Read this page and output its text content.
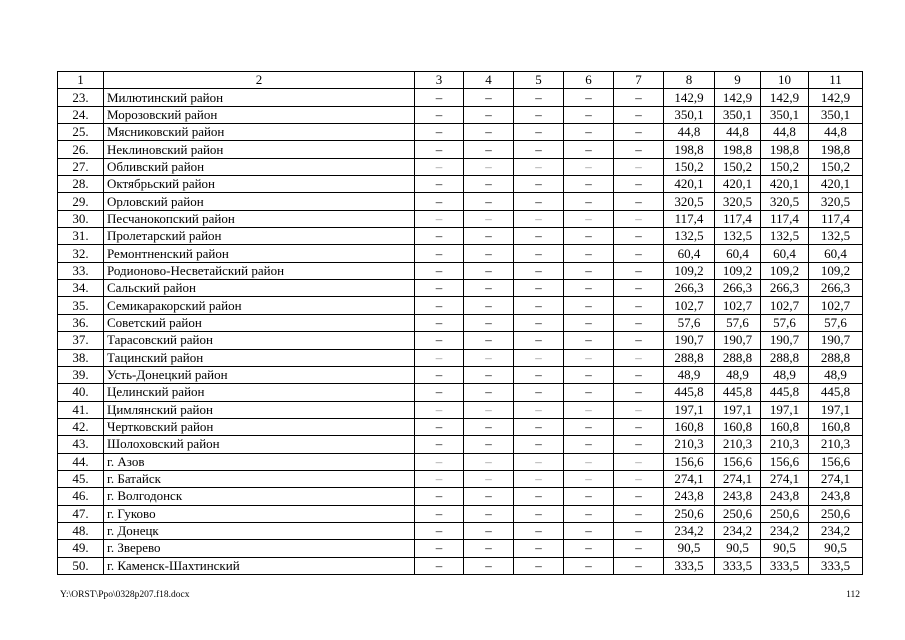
1	2	3	4	5	6	7	8	9	10	11
23.	Милютинский район	–	–	–	–	–	142,9	142,9	142,9	142,9
24.	Морозовский район	–	–	–	–	–	350,1	350,1	350,1	350,1
25.	Мясниковский район	–	–	–	–	–	44,8	44,8	44,8	44,8
26.	Неклиновский район	–	–	–	–	–	198,8	198,8	198,8	198,8
27.	Обливский район	–	–	–	–	–	150,2	150,2	150,2	150,2
28.	Октябрьский район	–	–	–	–	–	420,1	420,1	420,1	420,1
29.	Орловский район	–	–	–	–	–	320,5	320,5	320,5	320,5
30.	Песчанокопский район	–	–	–	–	–	117,4	117,4	117,4	117,4
31.	Пролетарский район	–	–	–	–	–	132,5	132,5	132,5	132,5
32.	Ремонтненский район	–	–	–	–	–	60,4	60,4	60,4	60,4
33.	Родионово-Несветайский район	–	–	–	–	–	109,2	109,2	109,2	109,2
34.	Сальский район	–	–	–	–	–	266,3	266,3	266,3	266,3
35.	Семикаракорский район	–	–	–	–	–	102,7	102,7	102,7	102,7
36.	Советский район	–	–	–	–	–	57,6	57,6	57,6	57,6
37.	Тарасовский район	–	–	–	–	–	190,7	190,7	190,7	190,7
38.	Тацинский район	–	–	–	–	–	288,8	288,8	288,8	288,8
39.	Усть-Донецкий район	–	–	–	–	–	48,9	48,9	48,9	48,9
40.	Целинский район	–	–	–	–	–	445,8	445,8	445,8	445,8
41.	Цимлянский район	–	–	–	–	–	197,1	197,1	197,1	197,1
42.	Чертковский район	–	–	–	–	–	160,8	160,8	160,8	160,8
43.	Шолоховский район	–	–	–	–	–	210,3	210,3	210,3	210,3
44.	г. Азов	–	–	–	–	–	156,6	156,6	156,6	156,6
45.	г. Батайск	–	–	–	–	–	274,1	274,1	274,1	274,1
46.	г. Волгодонск	–	–	–	–	–	243,8	243,8	243,8	243,8
47.	г. Гуково	–	–	–	–	–	250,6	250,6	250,6	250,6
48.	г. Донецк	–	–	–	–	–	234,2	234,2	234,2	234,2
49.	г. Зверево	–	–	–	–	–	90,5	90,5	90,5	90,5
50.	г. Каменск-Шахтинский	–	–	–	–	–	333,5	333,5	333,5	333,5
Y:\ORST\Ppo\0328p207.f18.docx	112
